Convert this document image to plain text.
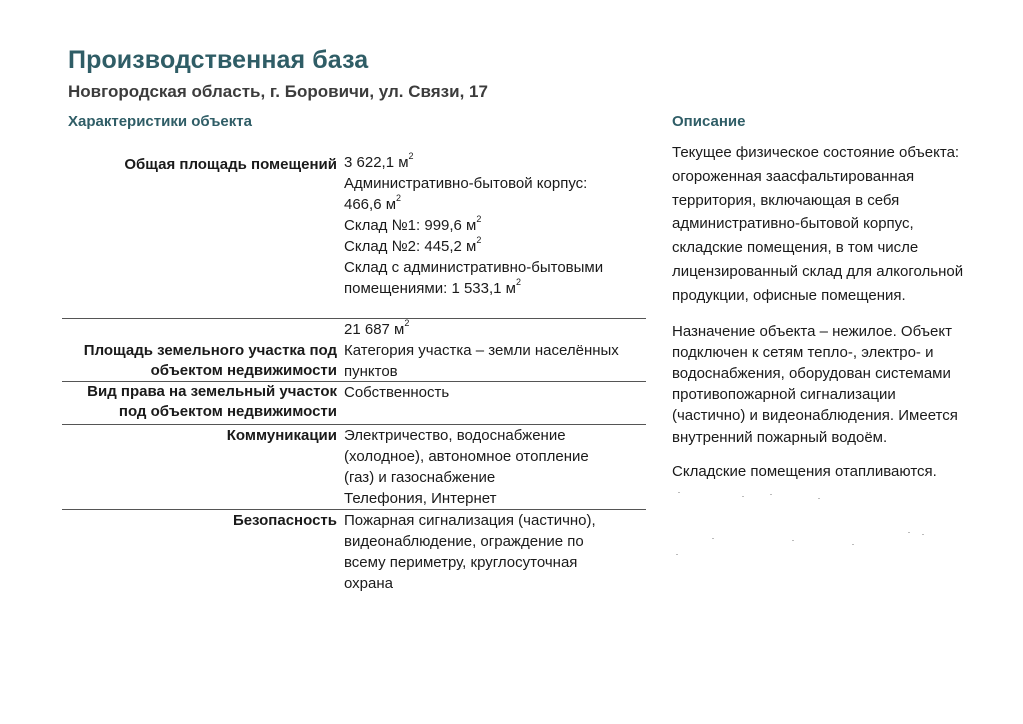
Производственная база
Новгородская область, г. Боровичи, ул. Связи, 17
Характеристики объекта	Описание
Общая площадь помещений 3 622,1 $м^2$
Административно-бытовой корпус:
466,6 $м^2$
Склад №1: 999,6 $м^2$
Склад №2: 445,2 $м^2$
Склад с административно-бытовыми
помещениями: 1 533,1 $м^2$
Площадь земельного участка под
объектом недвижимости
21 687 $м^2$
Категория участка – земли населённых
пунктов
Вид права на земельный участок
под объектом недвижимости
Собственность
Коммуникации Электричество, водоснабжение
(холодное), автономное отопление
(газ) и газоснабжение
Телефония, Интернет
Безопасность Пожарная сигнализация (частично),
видеонаблюдение, ограждение по
всему периметру, круглосуточная
охрана

Текущее физическое состояние объекта:
огороженная заасфальтированная
территория, включающая в себя
административно-бытовой корпус,
складские помещения, в том числе
лицензированный склад для алкогольной
продукции, офисные помещения.

Назначение объекта – нежилое. Объект
подключен к сетям тепло-, электро- и
водоснабжения, оборудован системами
противопожарной сигнализации
(частично) и видеонаблюдения. Имеется
внутренний пожарный водоём.

Складские помещения отапливаются.
